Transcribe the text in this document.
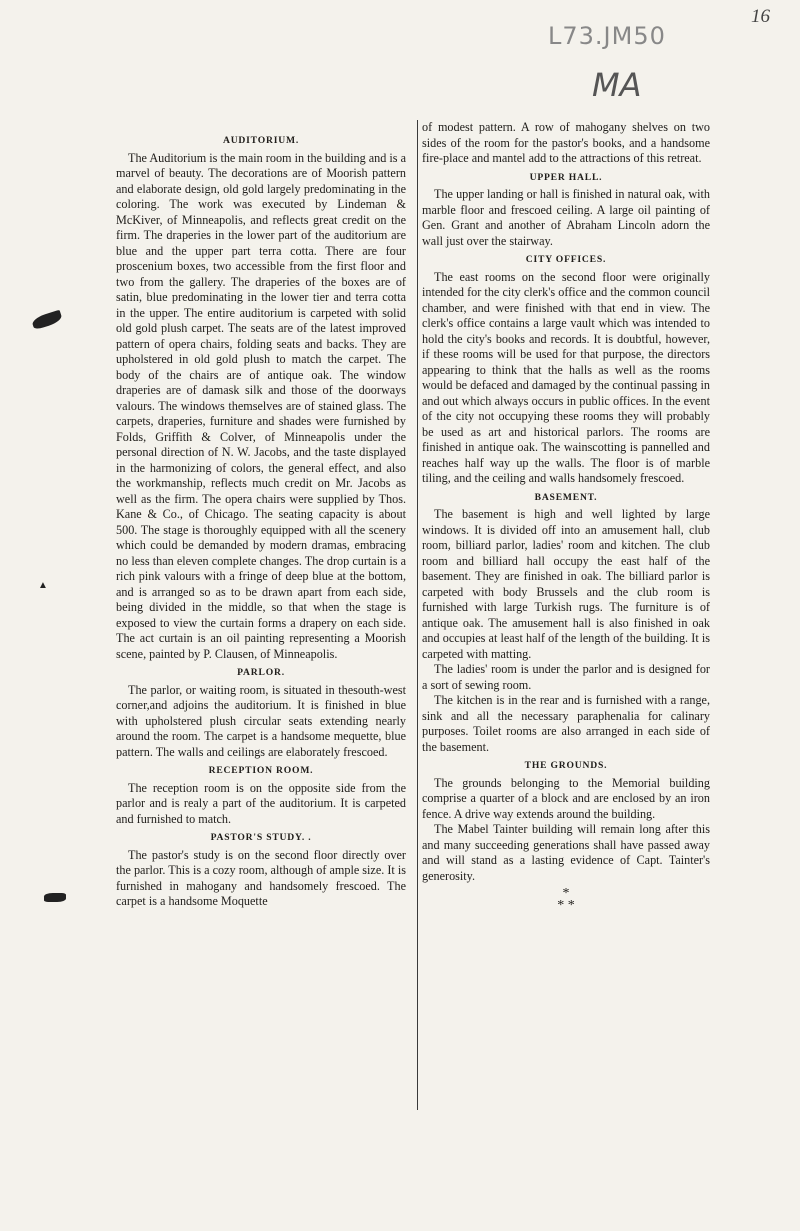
16
L73.JM50
MA
▲
AUDITORIUM.

The Auditorium is the main room in the building and is a marvel of beauty. The decorations are of Moorish pattern and elaborate design, old gold largely predominating in the coloring. The work was executed by Lindeman & McKiver, of Minneapolis, and reflects great credit on the firm. The draperies in the lower part of the auditorium are blue and the upper part terra cotta. There are four proscenium boxes, two accessible from the first floor and two from the gallery. The draperies of the boxes are of satin, blue predominating in the lower tier and terra cotta in the upper. The entire auditorium is carpeted with solid old gold plush carpet. The seats are of the latest improved pattern of opera chairs, folding seats and backs. They are upholstered in old gold plush to match the carpet. The body of the chairs are of antique oak. The window draperies are of damask silk and those of the doorways valours. The windows themselves are of stained glass. The carpets, draperies, furniture and shades were furnished by Folds, Griffith & Colver, of Minneapolis under the personal direction of N. W. Jacobs, and the taste displayed in the harmonizing of colors, the general effect, and also the workmanship, reflects much credit on Mr. Jacobs as well as the firm. The opera chairs were supplied by Thos. Kane & Co., of Chicago. The seating capacity is about 500. The stage is thoroughly equipped with all the scenery which could be demanded by modern dramas, embracing no less than eleven complete changes. The drop curtain is a rich pink valours with a fringe of deep blue at the bottom, and is arranged so as to be drawn apart from each side, being divided in the middle, so that when the stage is exposed to view the curtain forms a drapery on each side. The act curtain is an oil painting representing a Moorish scene, painted by P. Clausen, of Minneapolis.

PARLOR.

The parlor, or waiting room, is situated in thesouth-west corner,and adjoins the auditorium. It is finished in blue with upholstered plush circular seats extending nearly around the room. The carpet is a handsome mequette, blue pattern. The walls and ceilings are elaborately frescoed.

RECEPTION ROOM.

The reception room is on the opposite side from the parlor and is realy a part of the auditorium. It is carpeted and furnished to match.

PASTOR'S STUDY. .

The pastor's study is on the second floor directly over the parlor. This is a cozy room, although of ample size. It is furnished in mahogany and handsomely frescoed. The carpet is a handsome Moquette

of modest pattern. A row of mahogany shelves on two sides of the room for the pastor's books, and a handsome fire-place and mantel add to the attractions of this retreat.

UPPER HALL.

The upper landing or hall is finished in natural oak, with marble floor and frescoed ceiling. A large oil painting of Gen. Grant and another of Abraham Lincoln adorn the wall just over the stairway.

CITY OFFICES.

The east rooms on the second floor were originally intended for the city clerk's office and the common council chamber, and were finished with that end in view. The clerk's office contains a large vault which was intended to hold the city's books and records. It is doubtful, however, if these rooms will be used for that purpose, the directors appearing to think that the halls as well as the rooms would be defaced and damaged by the continual passing in and out which always occurs in public offices. In the event of the city not occupying these rooms they will probably be used as art and historical parlors. The rooms are finished in antique oak. The wainscotting is pannelled and reaches half way up the walls. The floor is of marble tiling, and the ceiling and walls handsomely frescoed.

BASEMENT.

The basement is high and well lighted by large windows. It is divided off into an amusement hall, club room, billiard parlor, ladies' room and kitchen. The club room and billiard hall occupy the east half of the basement. They are finished in oak. The billiard parlor is carpeted with body Brussels and the club room is furnished with large Turkish rugs. The furniture is of antique oak. The amusement hall is also finished in oak and occupies at least half of the length of the building. It is carpeted with matting.

The ladies' room is under the parlor and is designed for a sort of sewing room.

The kitchen is in the rear and is furnished with a range, sink and all the necessary paraphenalia for calinary purposes. Toilet rooms are also arranged in each side of the basement.

THE GROUNDS.

The grounds belonging to the Memorial building comprise a quarter of a block and are enclosed by an iron fence. A drive way extends around the building.

The Mabel Tainter building will remain long after this and many succeeding generations shall have passed away and will stand as a lasting evidence of Capt. Tainter's generosity.

*
* *
